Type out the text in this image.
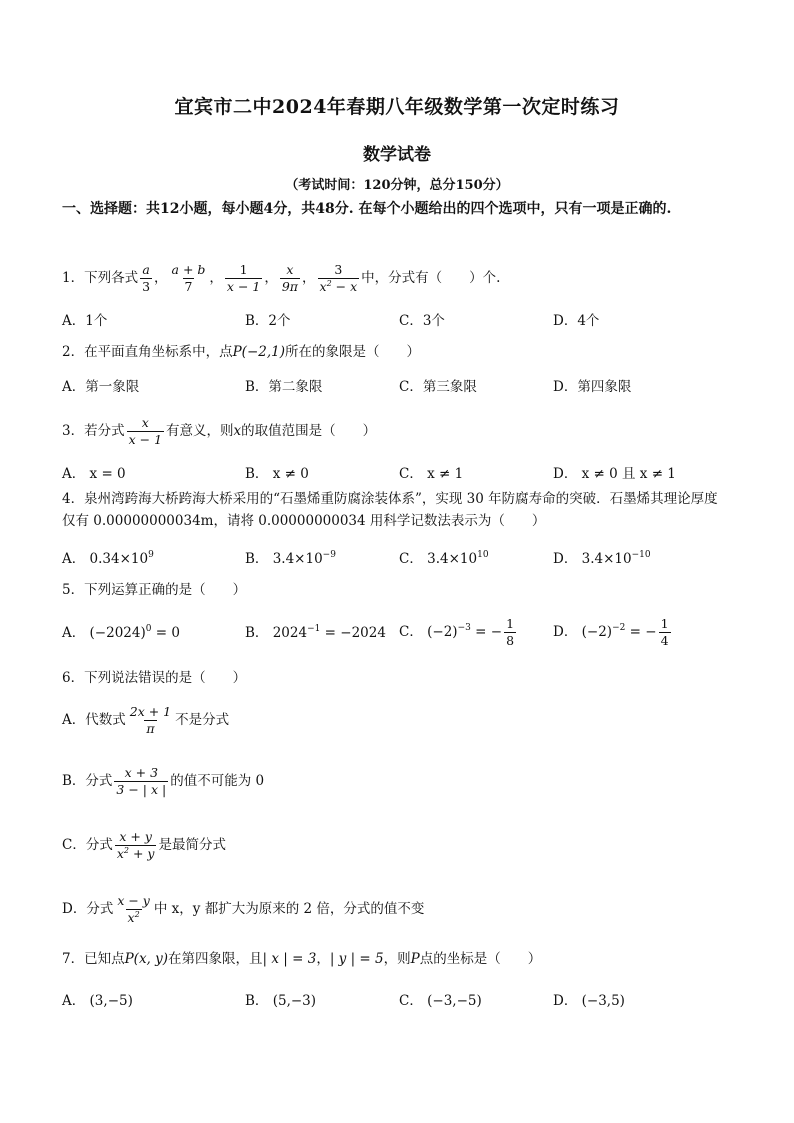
宜宾市二中2024年春期八年级数学第一次定时练习
数学试卷
（考试时间：120分钟，总分150分）
一、选择题：共12小题，每小题4分，共48分. 在每个小题给出的四个选项中，只有一项是正确的.
1．下列各式 $\frac{a}{3}$ ， $\frac{a + b}{7}$ ， $\frac{1}{x - 1}$ ， $\frac{x}{9\pi}$ ， $\frac{3}{x^2 - x}$ 中，分式有（　　）个.
A．1个	B．2个	C．3个	D．4个
2．在平面直角坐标系中，点P(−2,1)所在的象限是（　　）
A．第一象限	B．第二象限	C．第三象限	D．第四象限
3．若分式 $\frac{x}{x - 1}$ 有意义，则x的取值范围是（　　）
A． x = 0	B． x ≠ 0	C． x ≠ 1	D． x ≠ 0 且 x ≠ 1
4．泉州湾跨海大桥跨海大桥采用的“石墨烯重防腐涂装体系”，实现 30 年防腐寿命的突破．石墨烯其理论厚度仅有 0.00000000034m，请将 0.00000000034 用科学记数法表示为（　　）
A． $0.34\times 10^9$	B． $3.4\times 10^{-9}$	C． $3.4\times 10^{10}$	D． $3.4\times 10^{-10}$
5．下列运算正确的是（　　）
A． $(-2024)^0 = 0$	B． $2024^{-1} = -2024$ C． $(-2)^{-3}$ = − $\frac{1}{8}$	D． $(-2)^{-2}$ = − $\frac{1}{4}$
6．下列说法错误的是（　　）
A．代数式 $\frac{2x + 1}{\pi}$ 不是分式
B．分式 $\frac{x + 3}{3 - | x |}$ 的值不可能为 0
C．分式 $\frac{x + y}{x^2 + y}$ 是最简分式
D．分式 $\frac{x - y}{x^2}$ 中 x，y 都扩大为原来的 2 倍，分式的值不变
7．已知点P(x, y)在第四象限，且| x | = 3，| y | = 5，则P点的坐标是（　　）
A． (3,−5)	B． (5,−3)	C． (−3,−5)	D． (−3,5)
